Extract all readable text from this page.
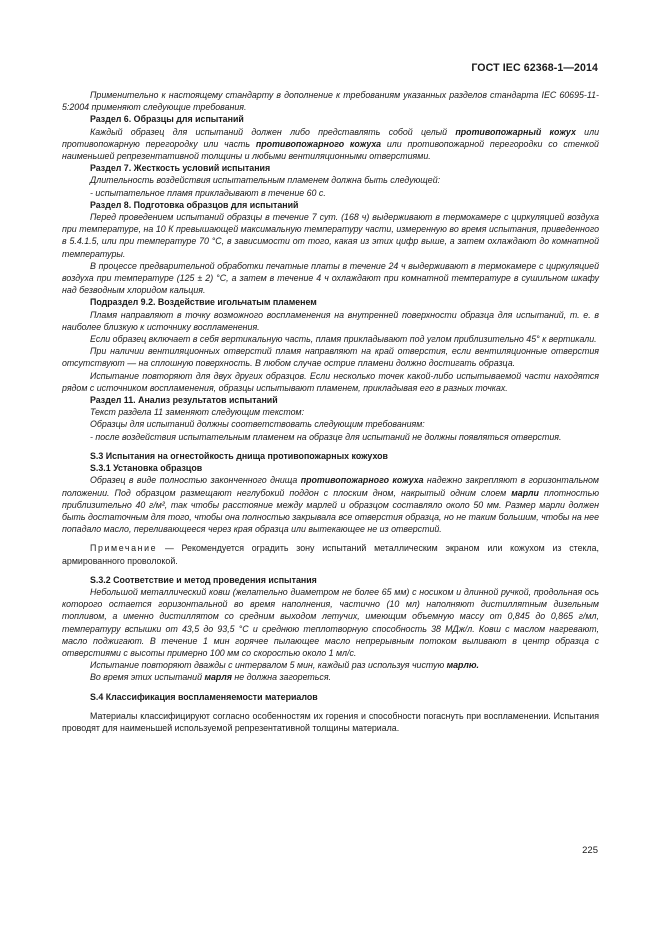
ГОСТ IEC 62368-1—2014

Применительно к настоящему стандарту в дополнение к требованиям указанных разделов стандарта IEC 60695-11-5:2004 применяют следующие требования.

Раздел 6. Образцы для испытаний

Каждый образец для испытаний должен либо представлять собой целый противопожарный кожух или противопожарную перегородку или часть противопожарного кожуха или противопожарной перегородки со стенкой наименьшей репрезентативной толщины и любыми вентиляционными отверстиями.

Раздел 7. Жесткость условий испытания

Длительность воздействия испытательным пламенем должна быть следующей:

- испытательное пламя прикладывают в течение 60 с.

Раздел 8. Подготовка образцов для испытаний

Перед проведением испытаний образцы в течение 7 сут. (168 ч) выдерживают в термокамере с циркуляцией воздуха при температуре, на 10 К превышающей максимальную температуру части, измеренную во время испытания, приведенного в 5.4.1.5, или при температуре 70 °С, в зависимости от того, какая из этих цифр выше, а затем охлаждают до комнатной температуры.

В процессе предварительной обработки печатные платы в течение 24 ч выдерживают в термокамере с циркуляцией воздуха при температуре (125 ± 2) °С, а затем в течение 4 ч охлаждают при комнатной температуре в сушильном шкафу над безводным хлоридом кальция.

Подраздел 9.2. Воздействие игольчатым пламенем

Пламя направляют в точку возможного воспламенения на внутренней поверхности образца для испытаний, т. е. в наиболее близкую к источнику воспламенения.

Если образец включает в себя вертикальную часть, пламя прикладывают под углом приблизительно 45° к вертикали.

При наличии вентиляционных отверстий пламя направляют на край отверстия, если вентиляционные отверстия отсутствуют — на сплошную поверхность. В любом случае острие пламени должно достигать образца.

Испытание повторяют для двух других образцов. Если несколько точек какой-либо испытываемой части находятся рядом с источником воспламенения, образцы испытывают пламенем, прикладывая его в разных точках.

Раздел 11. Анализ результатов испытаний

Текст раздела 11 заменяют следующим текстом:

Образцы для испытаний должны соответствовать следующим требованиям:

- после воздействия испытательным пламенем на образце для испытаний не должны появляться отверстия.

S.3 Испытания на огнестойкость днища противопожарных кожухов

S.3.1 Установка образцов

Образец в виде полностью законченного днища противопожарного кожуха надежно закрепляют в горизонтальном положении. Под образцом размещают неглубокий поддон с плоским дном, накрытый одним слоем марли плотностью приблизительно 40 г/м², так чтобы расстояние между марлей и образцом составляло около 50 мм. Размер марли должен быть достаточным для того, чтобы она полностью закрывала все отверстия образца, но не таким большим, чтобы на нее попадало масло, переливающееся через края образца или вытекающее не из отверстий.

Примечание — Рекомендуется оградить зону испытаний металлическим экраном или кожухом из стекла, армированного проволокой.

S.3.2 Соответствие и метод проведения испытания

Небольшой металлический ковш (желательно диаметром не более 65 мм) с носиком и длинной ручкой, продольная ось которого остается горизонтальной во время наполнения, частично (10 мл) наполняют дистиллятным дизельным топливом, а именно дистиллятом со средним выходом летучих, имеющим объемную массу от 0,845 до 0,865 г/мл, температуру вспышки от 43,5 до 93,5 °С и среднюю теплотворную способность 38 МДж/л. Ковш с маслом нагревают, масло поджигают. В течение 1 мин горячее пылающее масло непрерывным потоком выливают в центр образца с отверстиями с высоты примерно 100 мм со скоростью около 1 мл/с.

Испытание повторяют дважды с интервалом 5 мин, каждый раз используя чистую марлю.

Во время этих испытаний марля не должна загореться.

S.4 Классификация воспламеняемости материалов

Материалы классифицируют согласно особенностям их горения и способности погаснуть при воспламенении. Испытания проводят для наименьшей используемой репрезентативной толщины материала.

225
